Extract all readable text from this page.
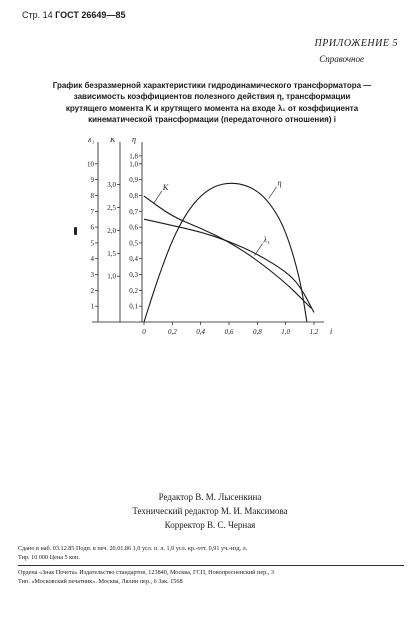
Стр. 14 ГОСТ 26649—85
ПРИЛОЖЕНИЕ 5
Справочное
График безразмерной характеристики гидродинамического трансформатора —
зависимость коэффициентов полезного действия η, трансформации
крутящего момента K и крутящего момента на входе λ₁ от коэффициента
кинематической трансформации (передаточного отношения) i
λ₁
1
2
3
4
5
6
7
8
9
10
K
1,0
1,5
2,0
2,5
3,0
η
0,1
0,2
0,3
0,4
0,5
0,6
0,7
0,8
0,9
1,0
1,8
0	0,2	0,4	0,6	0,8	1,0	1,2 i
η
K
λ₁
Редактор В. М. Лысенкина
Технический редактор М. И. Максимова
Корректор В. С. Черная
Сдано в наб. 03.12.85 Подп. в печ. 20.01.86 1,0 усл. п. л. 1,0 усл. кр.-отт. 0,91 уч.-изд. л.
Тир. 10 000 Цена 5 коп.
Ордена «Знак Почета» Издательство стандартов, 123840, Москва, ГСП, Новопресненский пер., 3
Тип. «Московский печатник». Москва, Лялин пер., 6 Зак. 1568
